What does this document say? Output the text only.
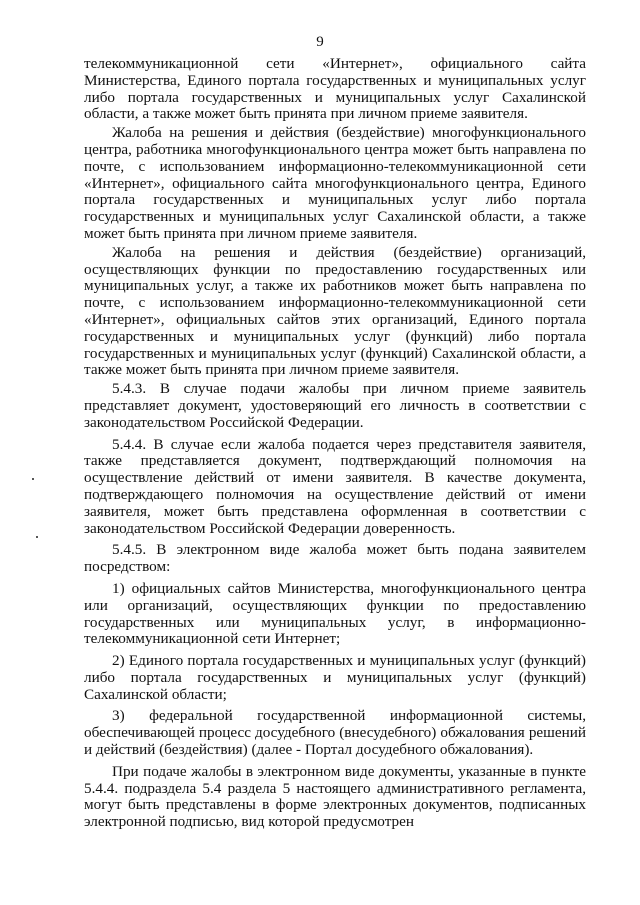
9

телекоммуникационной сети «Интернет», официального сайта Министерства, Единого портала государственных и муниципальных услуг либо портала государственных и муниципальных услуг Сахалинской области, а также может быть принята при личном приеме заявителя.

Жалоба на решения и действия (бездействие) многофункционального центра, работника многофункционального центра может быть направлена по почте, с использованием информационно-телекоммуникационной сети «Интернет», официального сайта многофункционального центра, Единого портала государственных и муниципальных услуг либо портала государственных и муниципальных услуг Сахалинской области, а также может быть принята при личном приеме заявителя.

Жалоба на решения и действия (бездействие) организаций, осуществляющих функции по предоставлению государственных или муниципальных услуг, а также их работников может быть направлена по почте, с использованием информационно-телекоммуникационной сети «Интернет», официальных сайтов этих организаций, Единого портала государственных и муниципальных услуг (функций) либо портала государственных и муниципальных услуг (функций) Сахалинской области, а также может быть принята при личном приеме заявителя.

5.4.3. В случае подачи жалобы при личном приеме заявитель представляет документ, удостоверяющий его личность в соответствии с законодательством Российской Федерации.

5.4.4. В случае если жалоба подается через представителя заявителя, также представляется документ, подтверждающий полномочия на осуществление действий от имени заявителя. В качестве документа, подтверждающего полномочия на осуществление действий от имени заявителя, может быть представлена оформленная в соответствии с законодательством Российской Федерации доверенность.

5.4.5. В электронном виде жалоба может быть подана заявителем посредством:

1) официальных сайтов Министерства, многофункционального центра или организаций, осуществляющих функции по предоставлению государственных или муниципальных услуг, в информационно-телекоммуникационной сети Интернет;

2) Единого портала государственных и муниципальных услуг (функций) либо портала государственных и муниципальных услуг (функций) Сахалинской области;

3) федеральной государственной информационной системы, обеспечивающей процесс досудебного (внесудебного) обжалования решений и действий (бездействия) (далее - Портал досудебного обжалования).

При подаче жалобы в электронном виде документы, указанные в пункте 5.4.4. подраздела 5.4 раздела 5 настоящего административного регламента, могут быть представлены в форме электронных документов, подписанных электронной подписью, вид которой предусмотрен
